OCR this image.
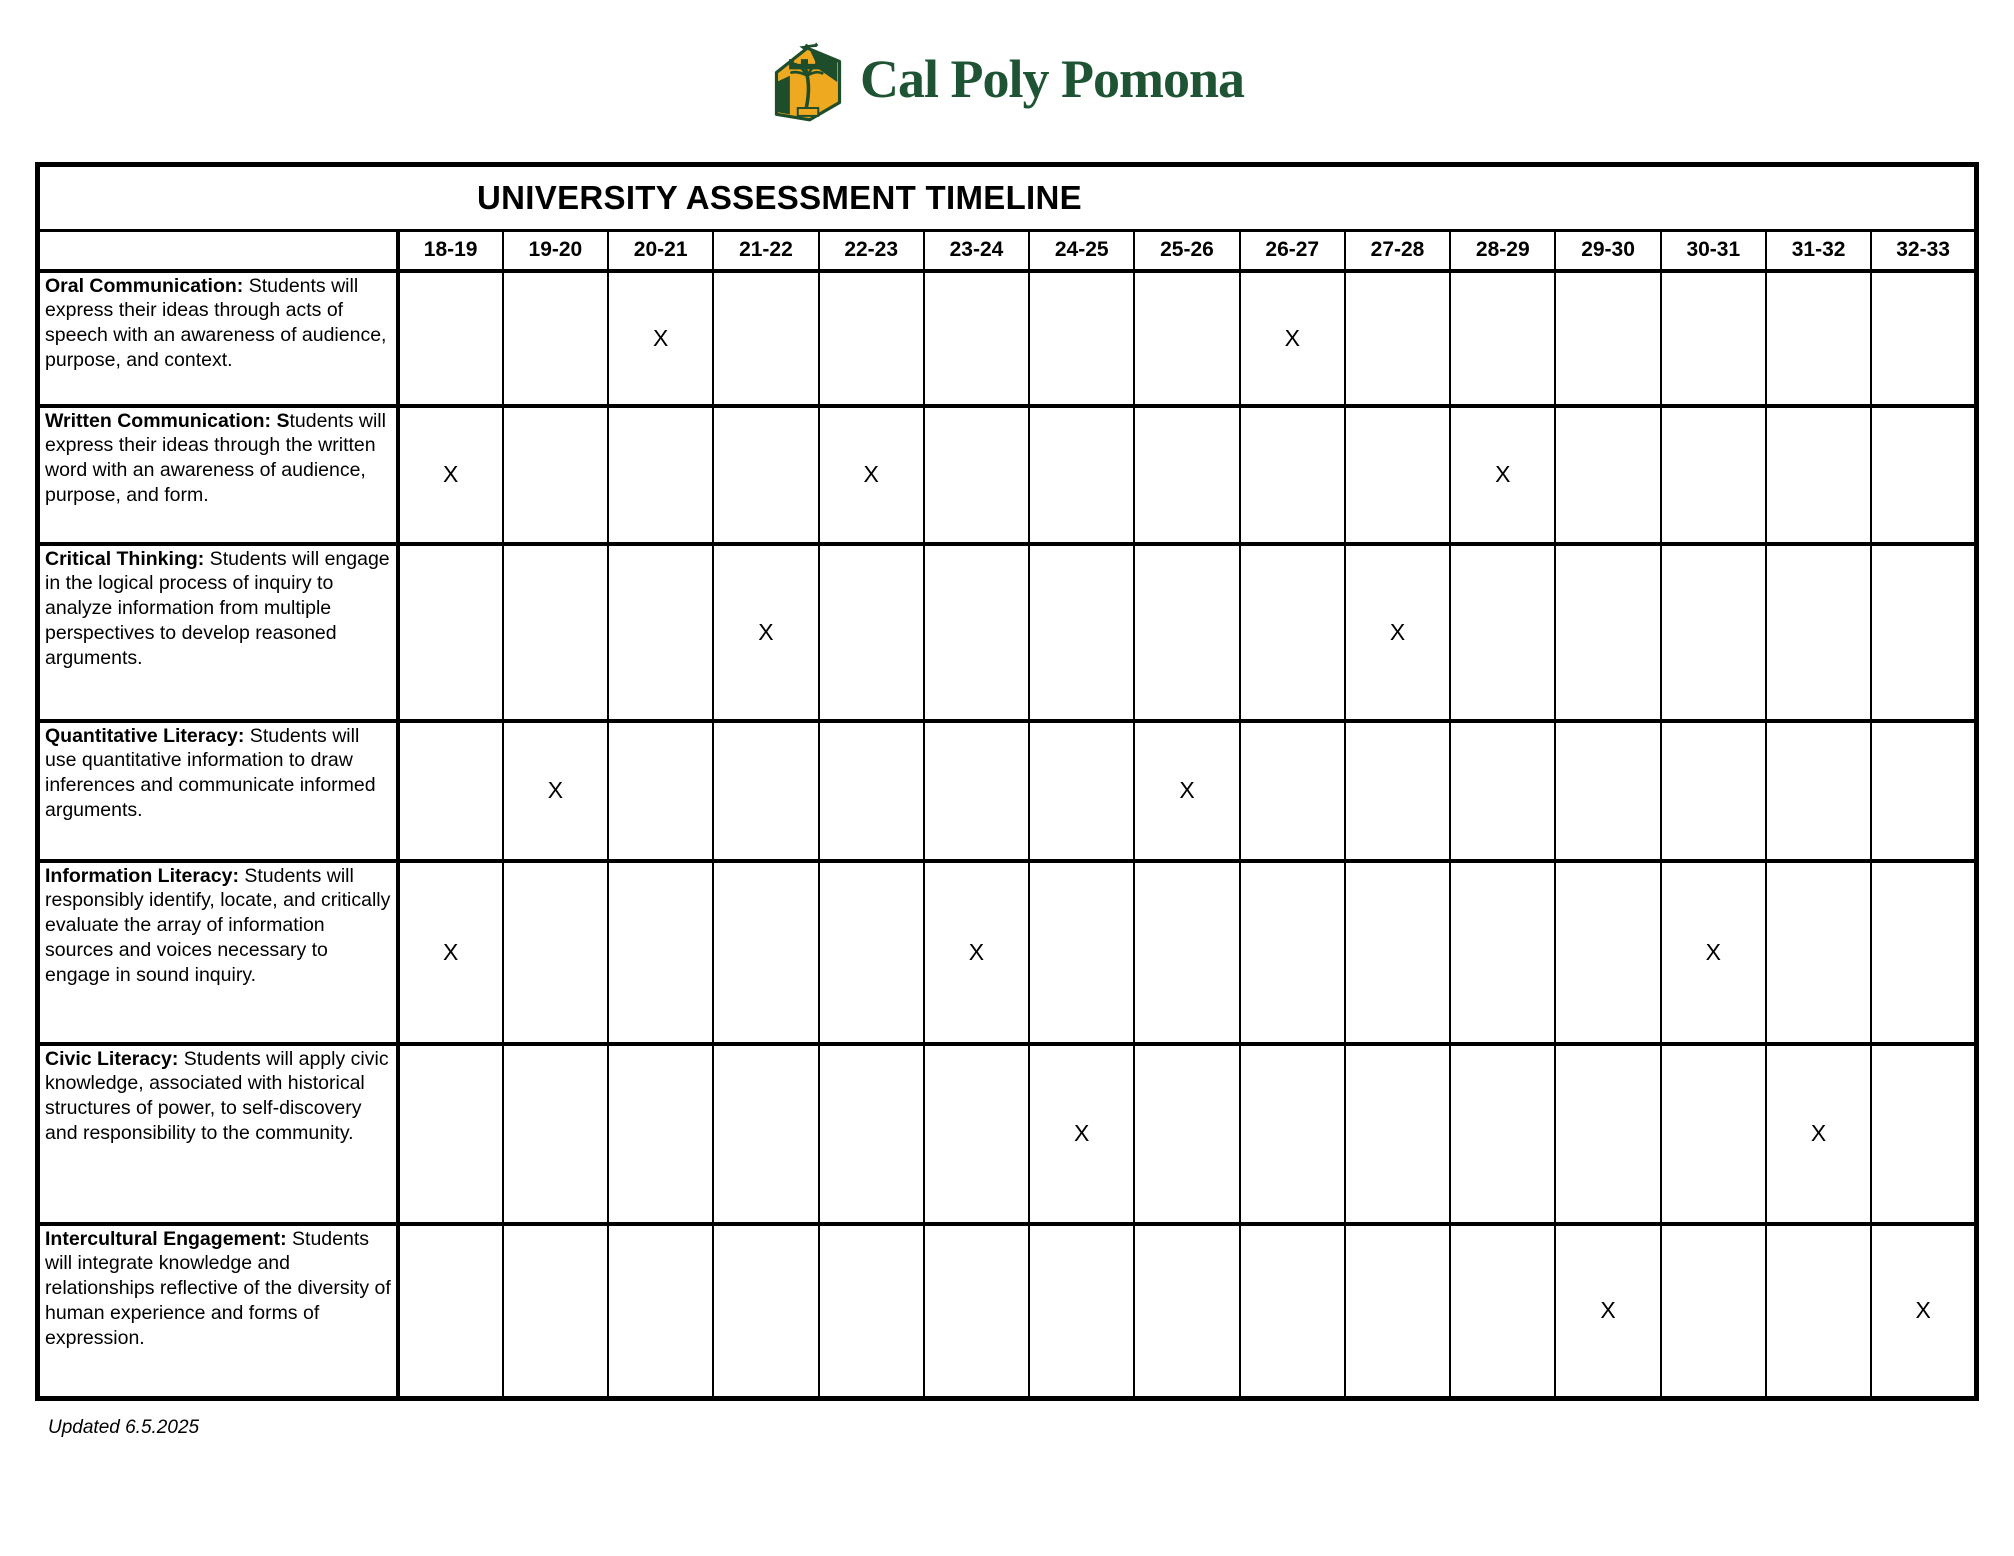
Cal Poly Pomona
UNIVERSITY ASSESSMENT TIMELINE															
	18-19	19-20	20-21	21-22	22-23	23-24	24-25	25-26	26-27	27-28	28-29	29-30	30-31	31-32	32-33
Oral Communication: Students will express their ideas through acts of speech with an awareness of audience, purpose, and context.			X						X						
Written Communication: Students will express their ideas through the written word with an awareness of audience, purpose, and form.	X				X						X				
Critical Thinking: Students will engage in the logical process of inquiry to analyze information from multiple perspectives to develop reasoned arguments.				X						X					
Quantitative Literacy: Students will use quantitative information to draw inferences and communicate informed arguments.		X						X							
Information Literacy: Students will responsibly identify, locate, and critically evaluate the array of information sources and voices necessary to engage in sound inquiry.	X					X							X		
Civic Literacy: Students will apply civic knowledge, associated with historical structures of power, to self-discovery and responsibility to the community.							X							X	
Intercultural Engagement: Students will integrate knowledge and relationships reflective of the diversity of human experience and forms of expression.												X			X
Updated 6.5.2025
